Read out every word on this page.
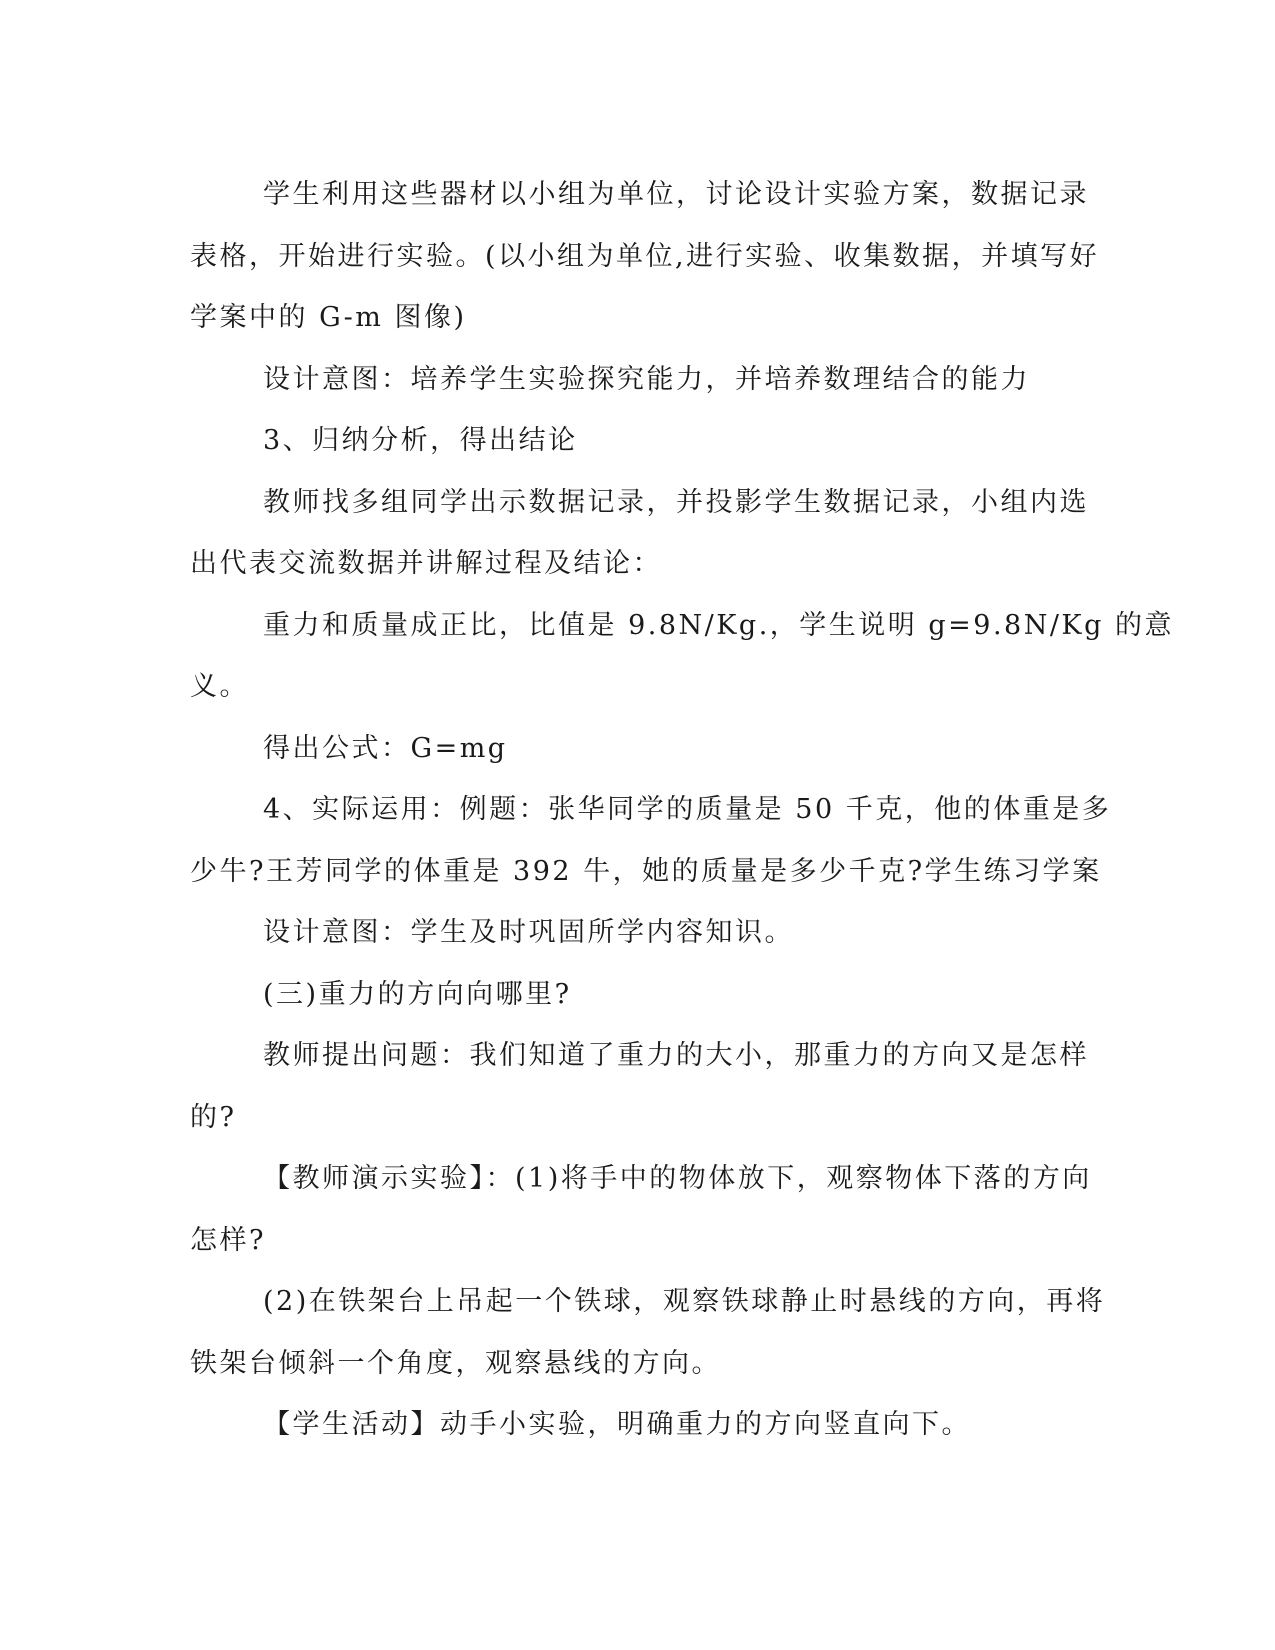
学生利用这些器材以小组为单位，讨论设计实验方案，数据记录

表格，开始进行实验。(以小组为单位,进行实验、收集数据，并填写好

学案中的 G-m 图像)

设计意图：培养学生实验探究能力，并培养数理结合的能力

3、归纳分析，得出结论

教师找多组同学出示数据记录，并投影学生数据记录，小组内选

出代表交流数据并讲解过程及结论：

重力和质量成正比，比值是 9.8N/Kg.，学生说明 g=9.8N/Kg 的意

义。

得出公式：G=mg

4、实际运用：例题：张华同学的质量是 50 千克，他的体重是多

少牛?王芳同学的体重是 392 牛，她的质量是多少千克?学生练习学案

设计意图：学生及时巩固所学内容知识。

(三)重力的方向向哪里?

教师提出问题：我们知道了重力的大小，那重力的方向又是怎样

的?

【教师演示实验】：(1)将手中的物体放下，观察物体下落的方向

怎样?

(2)在铁架台上吊起一个铁球，观察铁球静止时悬线的方向，再将

铁架台倾斜一个角度，观察悬线的方向。

【学生活动】动手小实验，明确重力的方向竖直向下。
